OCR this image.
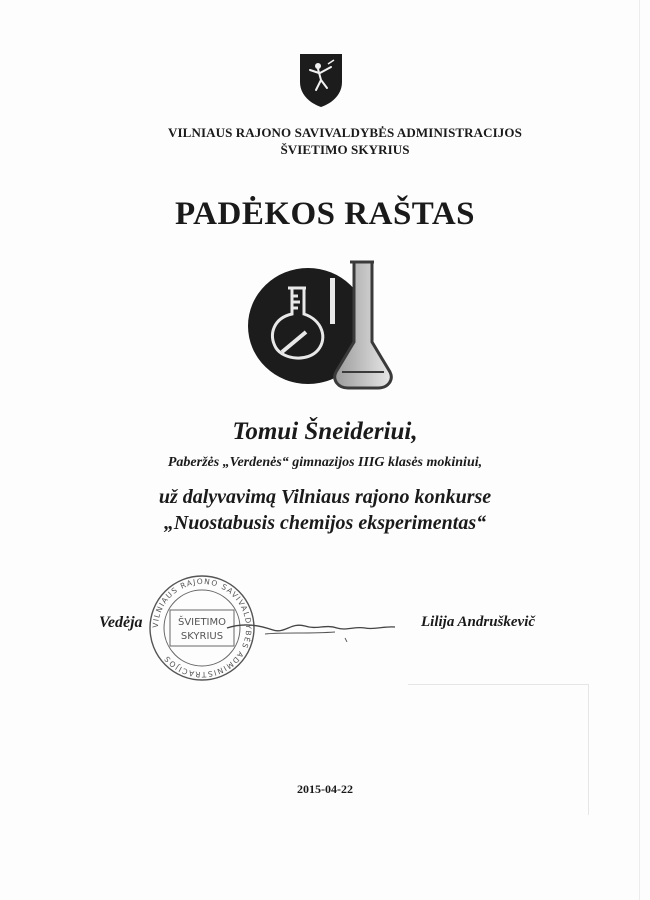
VILNIAUS RAJONO SAVIVALDYBĖS ADMINISTRACIJOS
ŠVIETIMO SKYRIUS
PADĖKOS RAŠTAS
Tomui Šneideriui,
Paberžės „Verdenės“ gimnazijos IIIG klasės mokiniui,
už dalyvavimą Vilniaus rajono konkurse
„Nuostabusis chemijos eksperimentas“
Vedėja VILNIAUS RAJONO SAVIVALDYBĖS ADMINISTRACIJOS
ŠVIETIMO
SKYRIUS
Lilija Andruškevič
2015-04-22
